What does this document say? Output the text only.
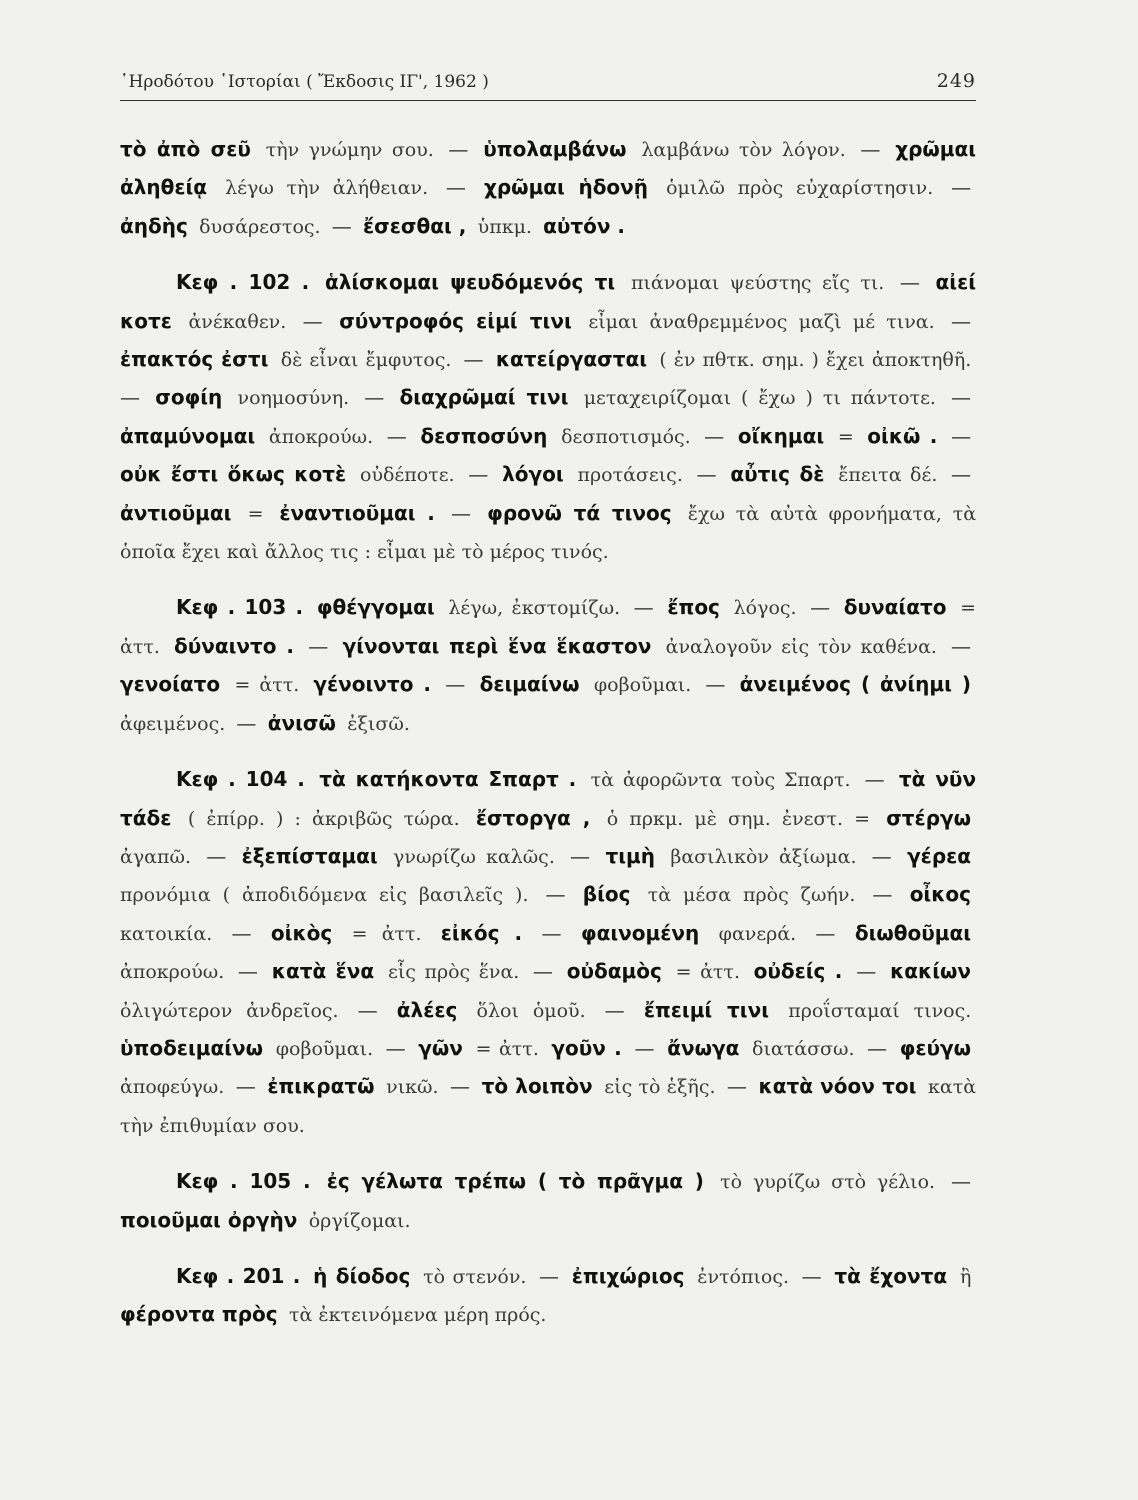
῾Ηροδότου ῾Ιστορίαι ( Ἔκδοσις ΙΓ', 1962 )	249

τὸ ἀπὸ σεῦ τὴν γνώμην σου. — ὑπολαμβάνω λαμβάνω τὸν λόγον. — χρῶμαι ἀληθείᾳ λέγω τὴν ἀλήθειαν. — χρῶμαι ἡδονῇ ὁμιλῶ πρὸς εὐχαρίστησιν. — ἀηδὴς δυσάρεστος. — ἔσεσθαι , ὑπκμ. αὐτόν .

Κεφ . 102 . ἁλίσκομαι ψευδόμενός τι πιάνομαι ψεύστης εἴς τι. — αἰεί κοτε ἀνέκαθεν. — σύντροφός εἰμί τινι εἶμαι ἀναθρεμμένος μαζὶ μέ τινα. — ἐπακτός ἐστι δὲ εἶναι ἔμφυτος. — κατείργασται ( ἐν πθτκ. σημ. ) ἔχει ἀποκτηθῆ. — σοφίη νοημοσύνη. — διαχρῶμαί τινι μεταχειρίζομαι ( ἔχω ) τι πάντοτε. — ἀπαμύνομαι ἀποκρούω. — δεσποσύνη δεσποτισμός. — οἴκημαι = οἰκῶ . — οὐκ ἔστι ὅκως κοτὲ οὐδέποτε. — λόγοι προτάσεις. — αὖτις δὲ ἔπειτα δέ. — ἀντιοῦμαι = ἐναντιοῦμαι . — φρονῶ τά τινος ἔχω τὰ αὐτὰ φρονήματα, τὰ ὁποῖα ἔχει καὶ ἄλλος τις : εἶμαι μὲ τὸ μέρος τινός.

Κεφ . 103 . φθέγγομαι λέγω, ἐκστομίζω. — ἔπος λόγος. — δυναίατο = ἀττ. δύναιντο . — γίνονται περὶ ἕνα ἕκαστον ἀναλογοῦν εἰς τὸν καθένα. — γενοίατο = ἀττ. γένοιντο . — δειμαίνω φοβοῦμαι. — ἀνειμένος ( ἀνίημι ) ἀφειμένος. — ἀνισῶ ἐξισῶ.

Κεφ . 104 . τὰ κατήκοντα Σπαρτ . τὰ ἀφορῶντα τοὺς Σπαρτ. — τὰ νῦν τάδε ( ἐπίρρ. ) : ἀκριβῶς τώρα. ἔστοργα , ὁ πρκμ. μὲ σημ. ἐνεστ. = στέργω ἀγαπῶ. — ἐξεπίσταμαι γνωρίζω καλῶς. — τιμὴ βασιλικὸν ἀξίωμα. — γέρεα προνόμια ( ἀποδιδόμενα εἰς βασιλεῖς ). — βίος τὰ μέσα πρὸς ζωήν. — οἶκος κατοικία. — οἰκὸς = ἀττ. εἰκός . — φαινομένη φανερά. — διωθοῦμαι ἀποκρούω. — κατὰ ἕνα εἷς πρὸς ἕνα. — οὐδαμὸς = ἀττ. οὐδείς . — κακίων ὀλιγώτερον ἀνδρεῖος. — ἀλέες ὅλοι ὁμοῦ. — ἔπειμί τινι προΐσταμαί τινος. ὑποδειμαίνω φοβοῦμαι. — γῶν = ἀττ. γοῦν . — ἄνωγα διατάσσω. — φεύγω ἀποφεύγω. — ἐπικρατῶ νικῶ. — τὸ λοιπὸν εἰς τὸ ἑξῆς. — κατὰ νόον τοι κατὰ τὴν ἐπιθυμίαν σου.

Κεφ . 105 . ἐς γέλωτα τρέπω ( τὸ πρᾶγμα ) τὸ γυρίζω στὸ γέλιο. — ποιοῦμαι ὀργὴν ὀργίζομαι.

Κεφ . 201 . ἡ δίοδος τὸ στενόν. — ἐπιχώριος ἐντόπιος. — τὰ ἔχοντα ἢ φέροντα πρὸς τὰ ἐκτεινόμενα μέρη πρός.
